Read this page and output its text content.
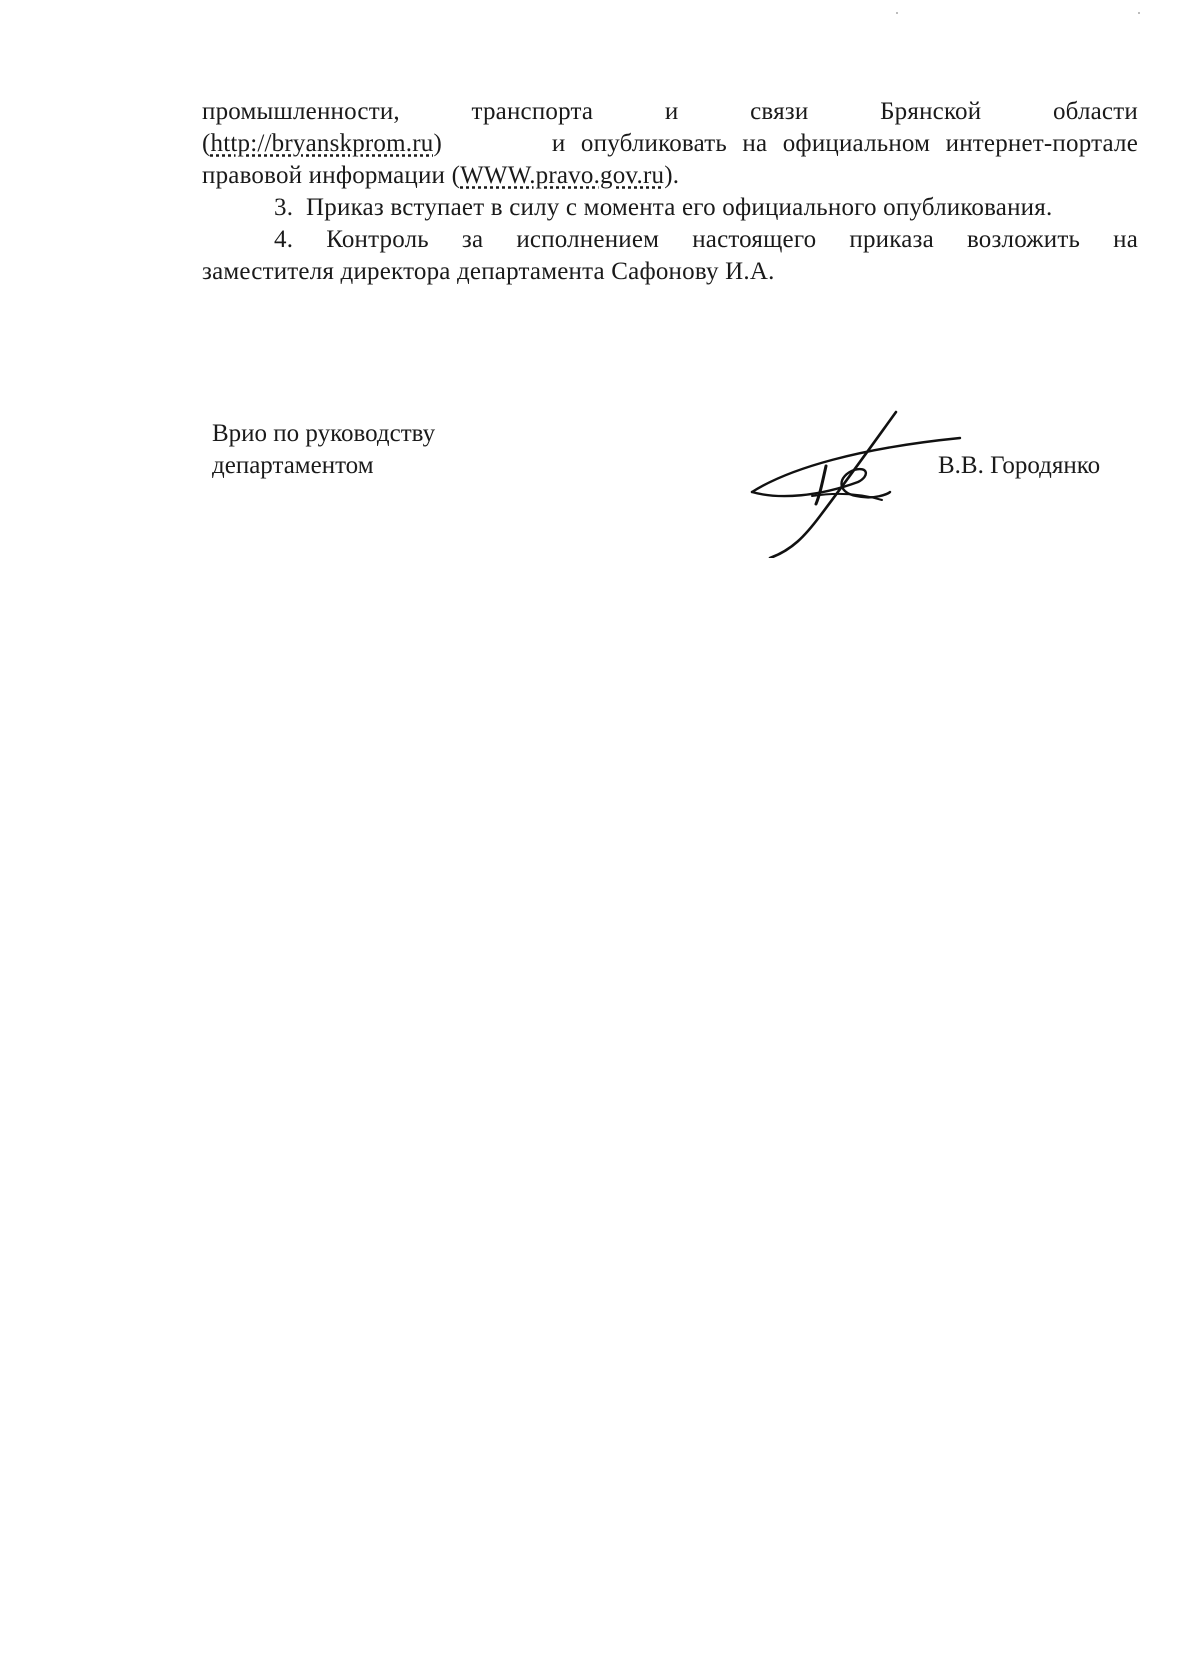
промышленности,	транспорта	и	связи	Брянской	области
(http://bryanskprom.ru)	и опубликовать на официальном интернет-портале
правовой информации (WWW.pravo.gov.ru).
3.  Приказ вступает в силу с момента его официального опубликования.
4. Контроль за исполнением настоящего приказа возложить на
заместителя директора департамента Сафонову И.А.
Врио по руководству
департаментом	В.В. Городянко
